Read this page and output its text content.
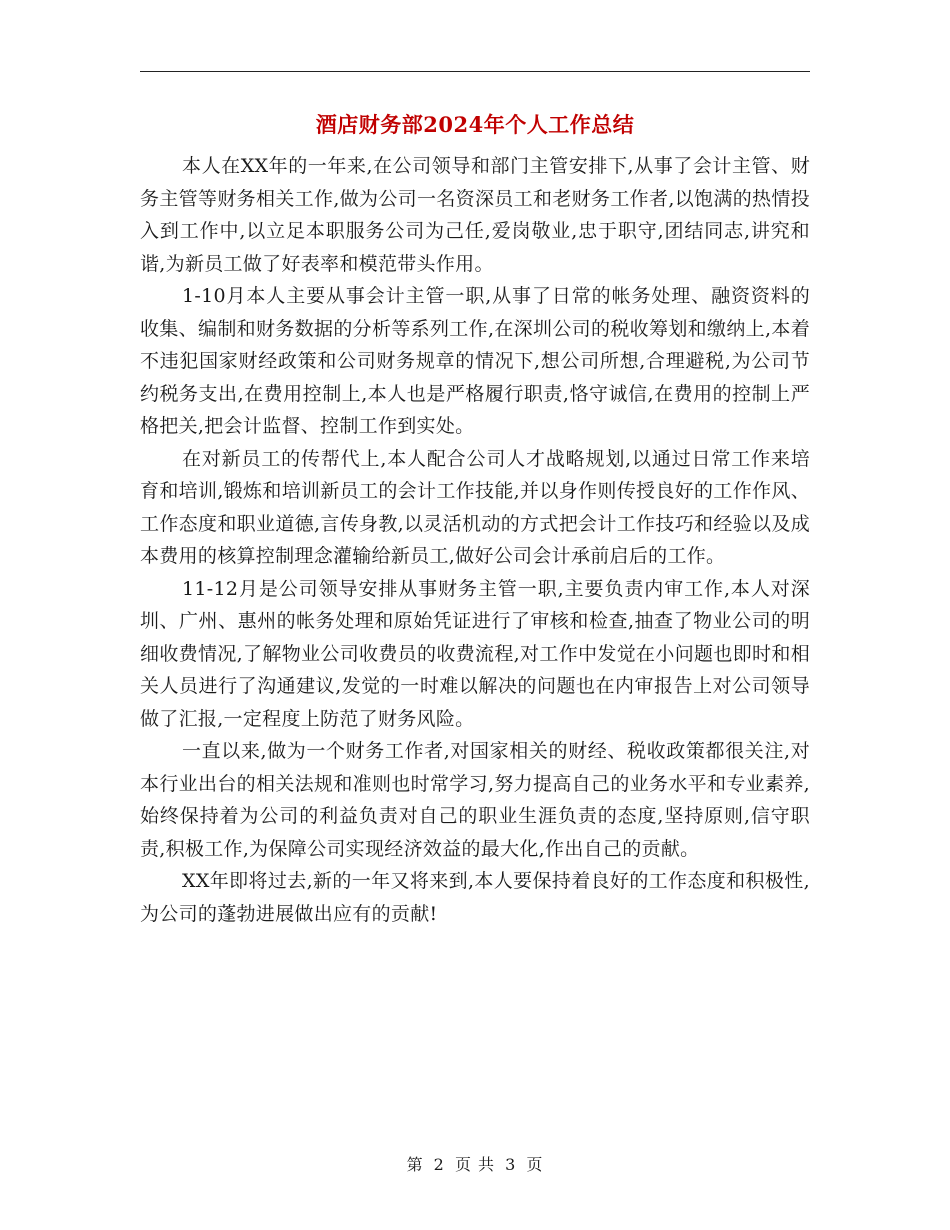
酒店财务部2024年个人工作总结

本人在XX年的一年来,在公司领导和部门主管安排下,从事了会计主管、财务主管等财务相关工作,做为公司一名资深员工和老财务工作者,以饱满的热情投入到工作中,以立足本职服务公司为己任,爱岗敬业,忠于职守,团结同志,讲究和谐,为新员工做了好表率和模范带头作用。

1-10月本人主要从事会计主管一职,从事了日常的帐务处理、融资资料的收集、编制和财务数据的分析等系列工作,在深圳公司的税收筹划和缴纳上,本着不违犯国家财经政策和公司财务规章的情况下,想公司所想,合理避税,为公司节约税务支出,在费用控制上,本人也是严格履行职责,恪守诚信,在费用的控制上严格把关,把会计监督、控制工作到实处。

在对新员工的传帮代上,本人配合公司人才战略规划,以通过日常工作来培育和培训,锻炼和培训新员工的会计工作技能,并以身作则传授良好的工作作风、工作态度和职业道德,言传身教,以灵活机动的方式把会计工作技巧和经验以及成本费用的核算控制理念灌输给新员工,做好公司会计承前启后的工作。

11-12月是公司领导安排从事财务主管一职,主要负责内审工作,本人对深圳、广州、惠州的帐务处理和原始凭证进行了审核和检查,抽查了物业公司的明细收费情况,了解物业公司收费员的收费流程,对工作中发觉在小问题也即时和相关人员进行了沟通建议,发觉的一时难以解决的问题也在内审报告上对公司领导做了汇报,一定程度上防范了财务风险。

一直以来,做为一个财务工作者,对国家相关的财经、税收政策都很关注,对本行业出台的相关法规和准则也时常学习,努力提高自己的业务水平和专业素养,始终保持着为公司的利益负责对自己的职业生涯负责的态度,坚持原则,信守职责,积极工作,为保障公司实现经济效益的最大化,作出自己的贡献。

XX年即将过去,新的一年又将来到,本人要保持着良好的工作态度和积极性,为公司的蓬勃进展做出应有的贡献!

第 2 页 共 3 页
